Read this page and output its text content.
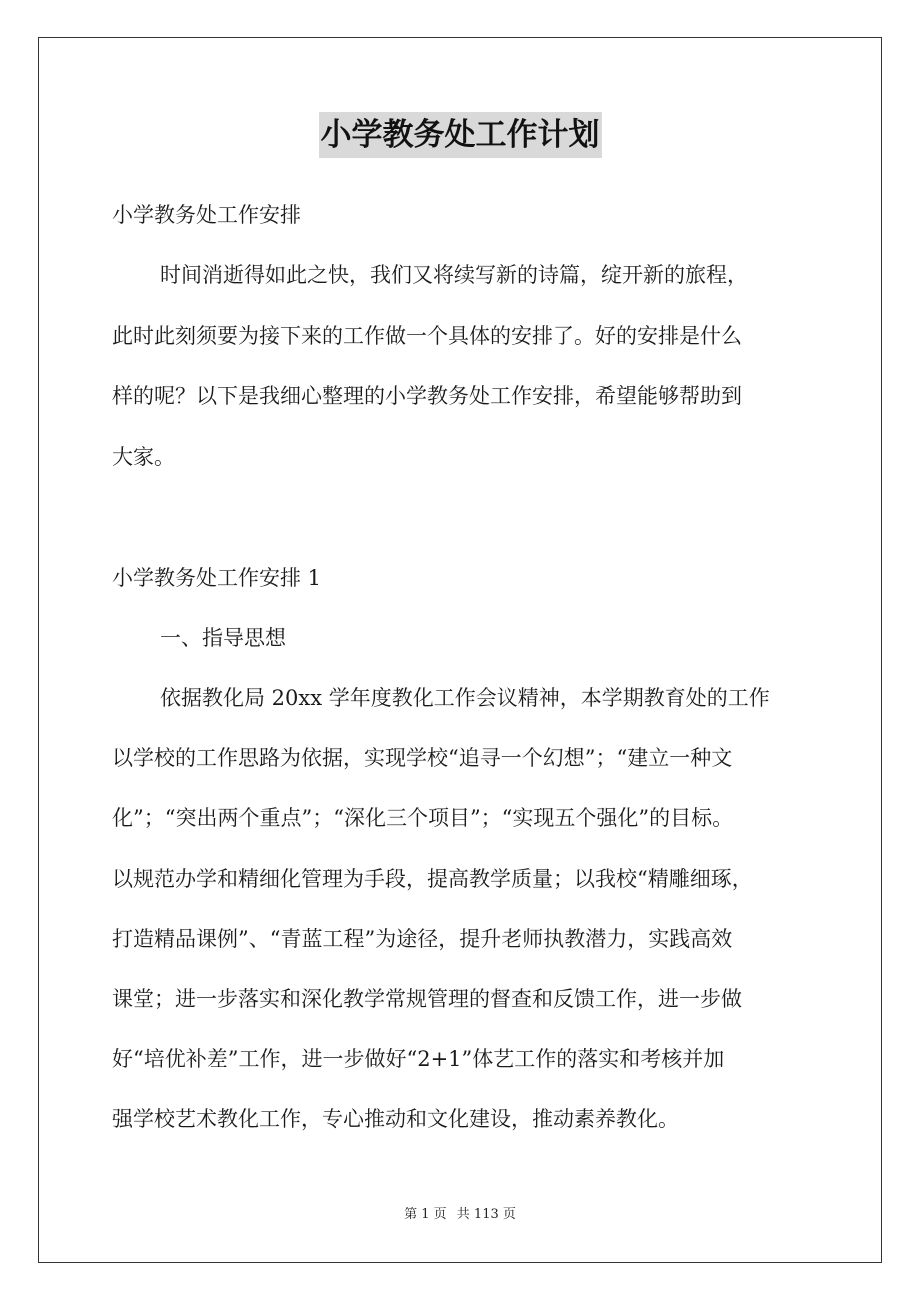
小学教务处工作计划
小学教务处工作安排
时间消逝得如此之快，我们又将续写新的诗篇，绽开新的旅程，
此时此刻须要为接下来的工作做一个具体的安排了。好的安排是什么
样的呢？以下是我细心整理的小学教务处工作安排，希望能够帮助到
大家。
小学教务处工作安排 1
一、指导思想
依据教化局 20xx 学年度教化工作会议精神，本学期教育处的工作
以学校的工作思路为依据，实现学校“追寻一个幻想”；“建立一种文
化”；“突出两个重点”；“深化三个项目”；“实现五个强化”的目标。
以规范办学和精细化管理为手段，提高教学质量；以我校“精雕细琢，
打造精品课例”、“青蓝工程”为途径，提升老师执教潜力，实践高效
课堂；进一步落实和深化教学常规管理的督查和反馈工作，进一步做
好“培优补差”工作，进一步做好“2+1”体艺工作的落实和考核并加
强学校艺术教化工作，专心推动和文化建设，推动素养教化。
第 1 页 共 113 页
